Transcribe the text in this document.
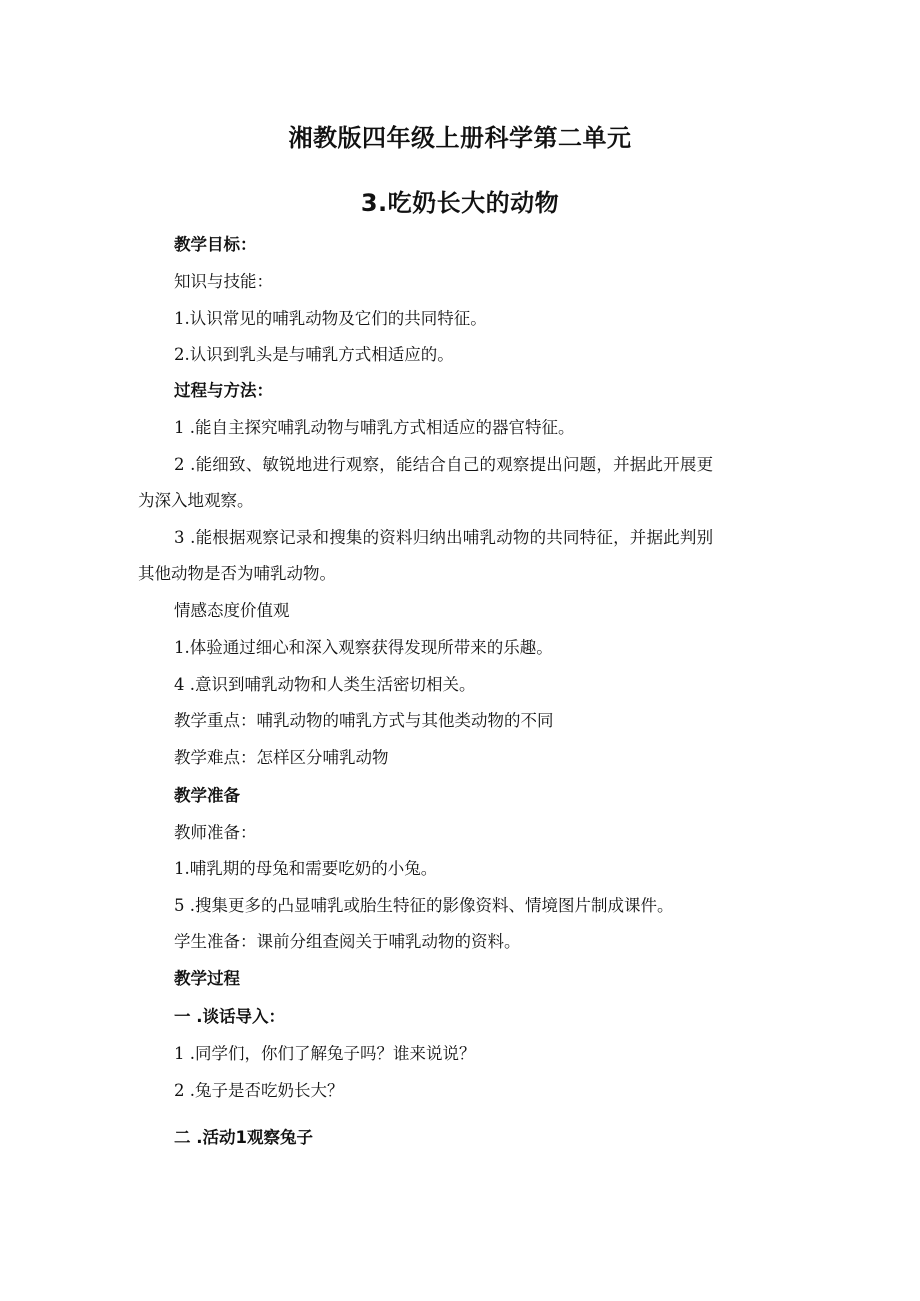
湘教版四年级上册科学第二单元
3.吃奶长大的动物
教学目标：
知识与技能：
1.认识常见的哺乳动物及它们的共同特征。
2.认识到乳头是与哺乳方式相适应的。
过程与方法：
1 .能自主探究哺乳动物与哺乳方式相适应的器官特征。
2 .能细致、敏锐地进行观察，能结合自己的观察提出问题，并据此开展更
为深入地观察。
3 .能根据观察记录和搜集的资料归纳出哺乳动物的共同特征，并据此判别
其他动物是否为哺乳动物。
情感态度价值观
1.体验通过细心和深入观察获得发现所带来的乐趣。
4 .意识到哺乳动物和人类生活密切相关。
教学重点：哺乳动物的哺乳方式与其他类动物的不同
教学难点：怎样区分哺乳动物
教学准备
教师准备：
1.哺乳期的母兔和需要吃奶的小兔。
5 .搜集更多的凸显哺乳或胎生特征的影像资料、情境图片制成课件。
学生准备：课前分组查阅关于哺乳动物的资料。
教学过程
一 .谈话导入：
1 .同学们，你们了解兔子吗？谁来说说？
2 .兔子是否吃奶长大？
二 .活动1观察兔子
